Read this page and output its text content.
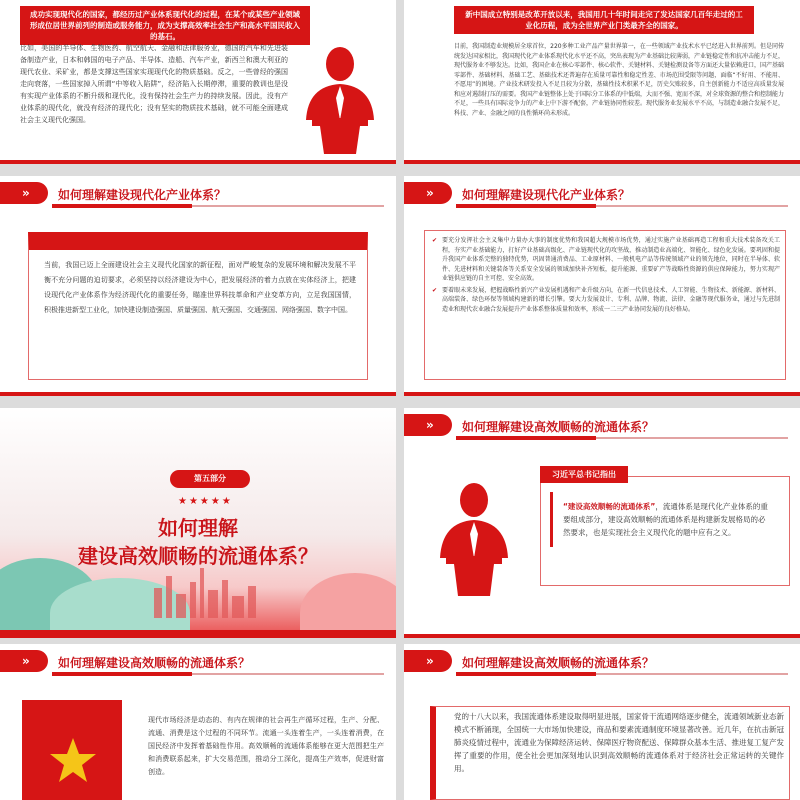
成功实现现代化的国家，都经历过产业体系现代化的过程，在某个或某些产业领域形成位居世界前列的制造或服务能力，成为支撑高效率社会生产和高水平国民收入的基石。
比如，美国的半导体、生物医药、航空航天、金融和法律服务业，德国的汽车和先进装备制造产业，日本和韩国的电子产品、半导体、造船、汽车产业，新西兰和澳大利亚的现代农业、采矿业，都是支撑这些国家实现现代化的物质基础。反之，一些曾经的强国走向衰落，一些国家掉入所谓“中等收入陷阱”，经济陷入长期停滞，重要的教训也是没有实现产业体系的不断升级和现代化，没有保持社会生产力的持续发展。因此，没有产业体系的现代化，就没有经济的现代化；没有坚实的物质技术基础，就不可能全面建成社会主义现代化强国。
新中国成立特别是改革开放以来，我国用几十年时间走完了发达国家几百年走过的工业化历程，成为全世界产业门类最齐全的国家。
目前，我国制造业规模居全球首位，220多种工业产品产量世界第一，在一些领域产业技术水平已经进入世界前列。但是同传统发达国家相比，我国现代化产业体系现代化水平还不高，突出表现为产业基础比较薄弱，产业链稳定性和抗冲击能力不足，现代服务业不够发达。比如，我国企业在核心零部件、核心软件、关键材料、关键检测设备等方面还大量依赖进口，国产基础零部件、基础材料、基础工艺、基础技术还普遍存在质量可靠性和稳定性差、市场范围受限等问题，面临“不好用、不能用、不愿用”的困境。产业技术研发投入不足且较为分散，基础性技术积累不足，历史欠账较多，自主创新能力不适应高质量发展和应对遏制打压的需要。我国产业链整体上处于国际分工体系的中低端，大而不强、宽而不深，对全球资源的整合和控制能力不足，一些具有国际竞争力的产业上中下游不配套，产业链协同性较差。现代服务业发展水平不高，与制造业融合发展不足，科技、产业、金融之间的良性循环尚未形成。
» 如何理解建设现代化产业体系？
当前，我国已迈上全面建设社会主义现代化国家的新征程，面对严峻复杂的发展环境和解决发展不平衡不充分问题的迫切要求，必须坚持以经济建设为中心，把发展经济的着力点放在实体经济上，把建设现代化产业体系作为经济现代化的重要任务，瞄准世界科技革命和产业变革方向，立足我国国情，积极推进新型工业化，加快建设制造强国、质量强国、航天强国、交通强国、网络强国、数字中国。
» 如何理解建设现代化产业体系？
✔ 要充分发挥社会主义集中力量办大事的制度优势和我国超大规模市场优势，通过实施产业基础再造工程和重大技术装备攻关工程，夯实产业基础能力，打好产业基础高级化、产业链现代化的攻坚战，推动制造业高端化、智能化、绿色化发展。要巩固和提升我国产业体系完整的独特优势，巩固普通消费品、工业原材料、一般机电产品等传统领域产业的领先地位，同时在半导体、软件、先进材料和关键装备等关系安全发展的领域加快补齐短板，提升能源、重要矿产等战略性资源的供应保障能力，努力实现产业链供应链的自主可控、安全高效。
✔ 要着眼未来发展，把握战略性新兴产业发展机遇和产业升级方向，在新一代信息技术、人工智能、生物技术、新能源、新材料、高端装备、绿色环保等领域构建新的增长引擎。要大力发展设计、专利、品牌、物流、法律、金融等现代服务业，通过与先进制造业和现代农业融合发展提升产业体系整体质量和效率，形成一二三产业协同发展的良好格局。
第五部分
★★★★★
如何理解
建设高效顺畅的流通体系？
» 如何理解建设高效顺畅的流通体系？
习近平总书记指出
“建设高效顺畅的流通体系”，流通体系是现代化产业体系的重要组成部分，建设高效顺畅的流通体系是构建新发展格局的必然要求，也是实现社会主义现代化的题中应有之义。
» 如何理解建设高效顺畅的流通体系？
现代市场经济是动态的、有内在规律的社会再生产循环过程，生产、分配、流通、消费是这个过程的不同环节。流通一头连着生产，一头连着消费，在国民经济中发挥着基础性作用。高效顺畅的流通体系能够在更大范围把生产和消费联系起来，扩大交易范围，推动分工深化，提高生产效率，促进财富创造。
» 如何理解建设高效顺畅的流通体系？
党的十八大以来，我国流通体系建设取得明显进展，国家骨干流通网络逐步健全，流通领域新业态新模式不断涌现，全国统一大市场加快建设，商品和要素流通制度环境显著改善。近几年，在抗击新冠肺炎疫情过程中，流通业为保障经济运转、保障医疗物资配送、保障群众基本生活、推进复工复产发挥了重要的作用，使全社会更加深刻地认识到高效顺畅的流通体系对于经济社会正常运转的关键作用。
